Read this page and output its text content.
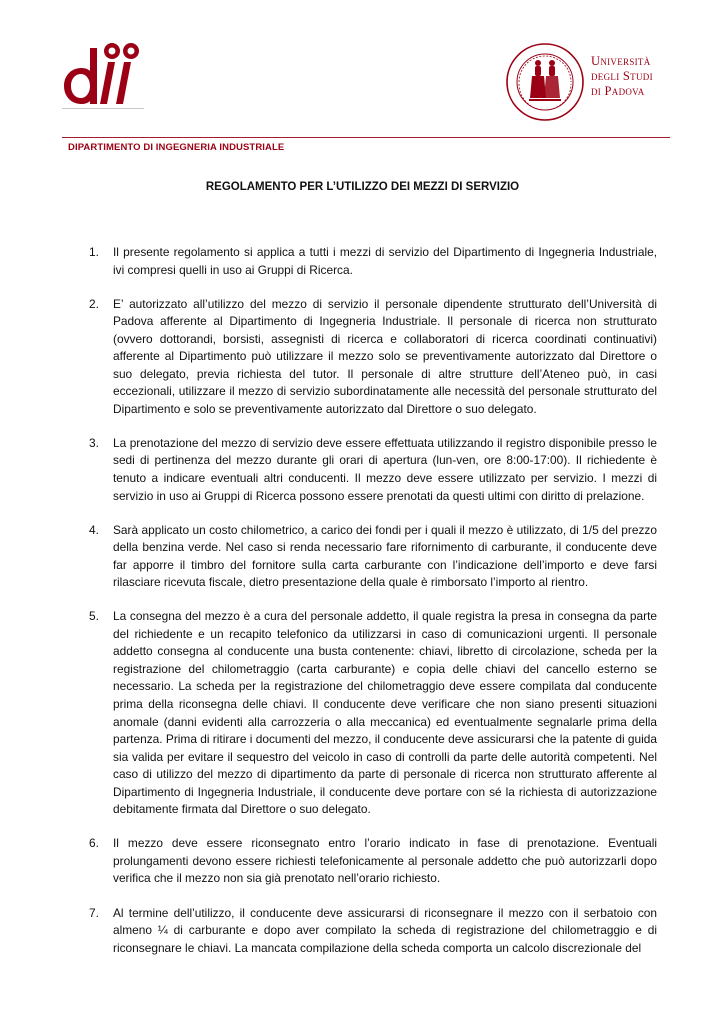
Università
degli Studi
di Padova
DIPARTIMENTO DI INGEGNERIA INDUSTRIALE
REGOLAMENTO PER L’UTILIZZO DEI MEZZI DI SERVIZIO
1. Il presente regolamento si applica a tutti i mezzi di servizio del Dipartimento di Ingegneria Industriale, ivi compresi quelli in uso ai Gruppi di Ricerca.
2. E’ autorizzato all’utilizzo del mezzo di servizio il personale dipendente strutturato dell’Università di Padova afferente al Dipartimento di Ingegneria Industriale. Il personale di ricerca non strutturato (ovvero dottorandi, borsisti, assegnisti di ricerca e collaboratori di ricerca coordinati continuativi) afferente al Dipartimento può utilizzare il mezzo solo se preventivamente autorizzato dal Direttore o suo delegato, previa richiesta del tutor. Il personale di altre strutture dell’Ateneo può, in casi eccezionali, utilizzare il mezzo di servizio subordinatamente alle necessità del personale strutturato del Dipartimento e solo se preventivamente autorizzato dal Direttore o suo delegato.
3. La prenotazione del mezzo di servizio deve essere effettuata utilizzando il registro disponibile presso le sedi di pertinenza del mezzo durante gli orari di apertura (lun-ven, ore 8:00-17:00). Il richiedente è tenuto a indicare eventuali altri conducenti. Il mezzo deve essere utilizzato per servizio. I mezzi di servizio in uso ai Gruppi di Ricerca possono essere prenotati da questi ultimi con diritto di prelazione.
4. Sarà applicato un costo chilometrico, a carico dei fondi per i quali il mezzo è utilizzato, di 1/5 del prezzo della benzina verde. Nel caso si renda necessario fare rifornimento di carburante, il conducente deve far apporre il timbro del fornitore sulla carta carburante con l’indicazione dell’importo e deve farsi rilasciare ricevuta fiscale, dietro presentazione della quale è rimborsato l’importo al rientro.
5. La consegna del mezzo è a cura del personale addetto, il quale registra la presa in consegna da parte del richiedente e un recapito telefonico da utilizzarsi in caso di comunicazioni urgenti. Il personale addetto consegna al conducente una busta contenente: chiavi, libretto di circolazione, scheda per la registrazione del chilometraggio (carta carburante) e copia delle chiavi del cancello esterno se necessario. La scheda per la registrazione del chilometraggio deve essere compilata dal conducente prima della riconsegna delle chiavi. Il conducente deve verificare che non siano presenti situazioni anomale (danni evidenti alla carrozzeria o alla meccanica) ed eventualmente segnalarle prima della partenza. Prima di ritirare i documenti del mezzo, il conducente deve assicurarsi che la patente di guida sia valida per evitare il sequestro del veicolo in caso di controlli da parte delle autorità competenti. Nel caso di utilizzo del mezzo di dipartimento da parte di personale di ricerca non strutturato afferente al Dipartimento di Ingegneria Industriale, il conducente deve portare con sé la richiesta di autorizzazione debitamente firmata dal Direttore o suo delegato.
6. Il mezzo deve essere riconsegnato entro l’orario indicato in fase di prenotazione. Eventuali prolungamenti devono essere richiesti telefonicamente al personale addetto che può autorizzarli dopo verifica che il mezzo non sia già prenotato nell’orario richiesto.
7. Al termine dell’utilizzo, il conducente deve assicurarsi di riconsegnare il mezzo con il serbatoio con almeno ¼ di carburante e dopo aver compilato la scheda di registrazione del chilometraggio e di riconsegnare le chiavi. La mancata compilazione della scheda comporta un calcolo discrezionale del
